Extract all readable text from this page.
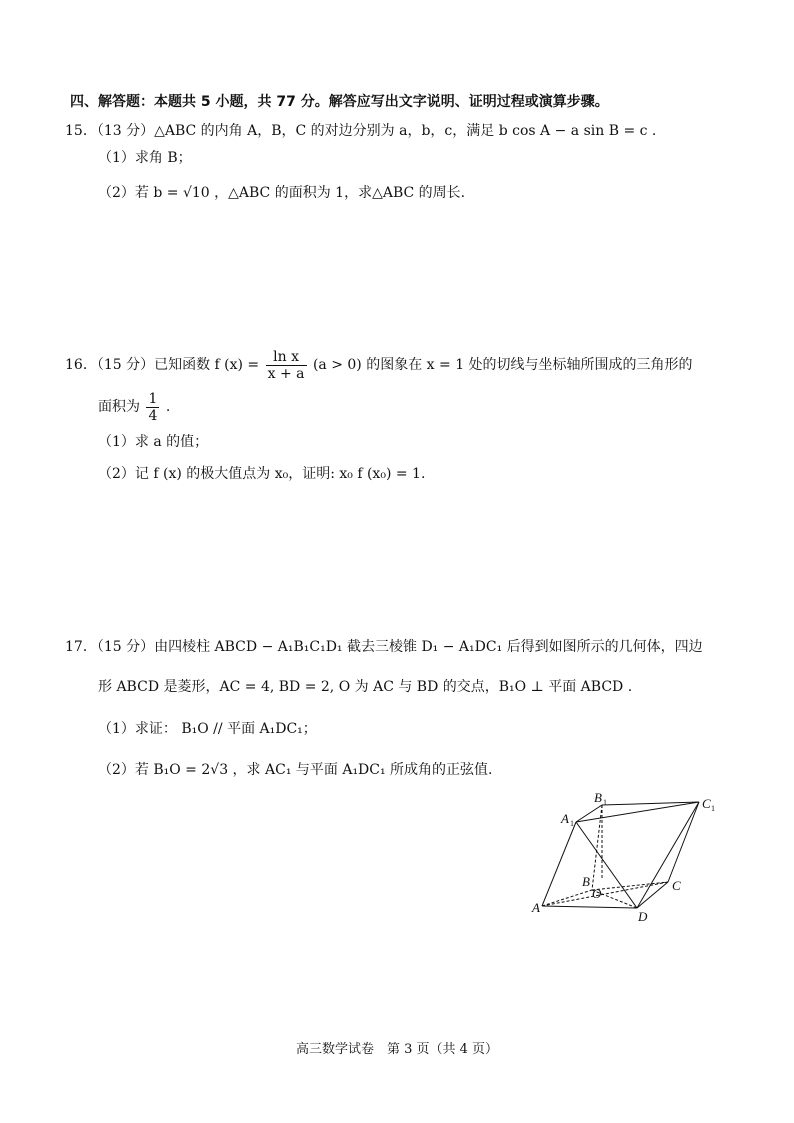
四、解答题：本题共 5 小题，共 77 分。解答应写出文字说明、证明过程或演算步骤。
15．（13 分）△ABC 的内角 A，B，C 的对边分别为 a，b，c，满足 b cos A − a sin B = c .
（1）求角 B；
（2）若 b = √10 ，△ABC 的面积为 1，求△ABC 的周长.
16．（15 分）已知函数 f $(x) = \frac{\text{ln x}}{x + a} (a > 0)$ 的图象在 x = 1 处的切线与坐标轴所围成的三角形的
面积为 $\frac{1}{4}$ .
（1）求 a 的值；
（2）记 f (x) 的极大值点为 x₀，证明: x₀ f (x₀) = 1.
17．（15 分）由四棱柱 ABCD − A₁B₁C₁D₁ 截去三棱锥 D₁ − A₁DC₁ 后得到如图所示的几何体，四边
形 ABCD 是菱形，AC = 4, BD = 2, O 为 AC 与 BD 的交点，B₁O ⊥ 平面 ABCD .
（1）求证： B₁O // 平面 A₁DC₁；
（2）若 B₁O = 2√3 ，求 AC₁ 与平面 A₁DC₁ 所成角的正弦值.
B 1	C 1
A 1
B
O
C
A
D
高三数学试卷　第 3 页（共 4 页）
